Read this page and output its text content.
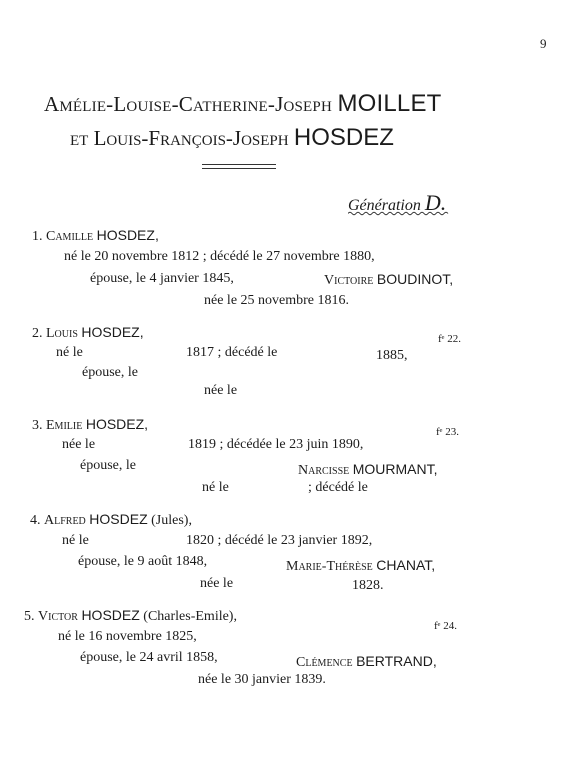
9
Amélie-Louise-Catherine-Joseph MOILLET
et Louis-François-Joseph HOSDEZ
Génération D.
1. Camille HOSDEZ,
né le 20 novembre 1812 ; décédé le 27 novembre 1880,
épouse, le 4 janvier 1845,	Victoire BOUDINOT,
née le 25 novembre 1816.
2. Louis HOSDEZ,	fᵉ 22.
né le	1817 ; décédé le	1885,
épouse, le
née le
3. Emilie HOSDEZ,	fᵉ 23.
née le	1819 ; décédée le 23 juin 1890,
épouse, le	Narcisse MOURMANT,
né le	; décédé le
4. Alfred HOSDEZ (Jules),
né le	1820 ; décédé le 23 janvier 1892,
épouse, le 9 août 1848,	Marie-Thérèse CHANAT,
née le	1828.
5. Victor HOSDEZ (Charles-Emile),
fᵉ 24.
né le 16 novembre 1825,
épouse, le 24 avril 1858,	Clémence BERTRAND,
née le 30 janvier 1839.
